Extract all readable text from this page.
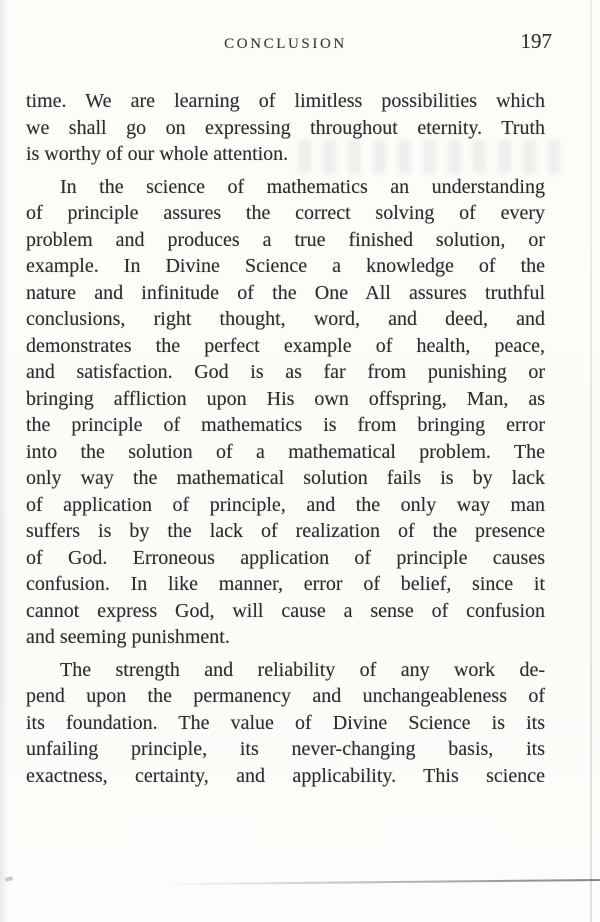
CONCLUSION	197
time. We are learning of limitless possibilities which
we shall go on expressing throughout eternity. Truth
is worthy of our whole attention.
In the science of mathematics an understanding
of principle assures the correct solving of every
problem and produces a true finished solution, or
example. In Divine Science a knowledge of the
nature and infinitude of the One All assures truthful
conclusions, right thought, word, and deed, and
demonstrates the perfect example of health, peace,
and satisfaction. God is as far from punishing or
bringing affliction upon His own offspring, Man, as
the principle of mathematics is from bringing error
into the solution of a mathematical problem. The
only way the mathematical solution fails is by lack
of application of principle, and the only way man
suffers is by the lack of realization of the presence
of God. Erroneous application of principle causes
confusion. In like manner, error of belief, since it
cannot express God, will cause a sense of confusion
and seeming punishment.
The strength and reliability of any work de-
pend upon the permanency and unchangeableness of
its foundation. The value of Divine Science is its
unfailing principle, its never-changing basis, its
exactness, certainty, and applicability. This science
